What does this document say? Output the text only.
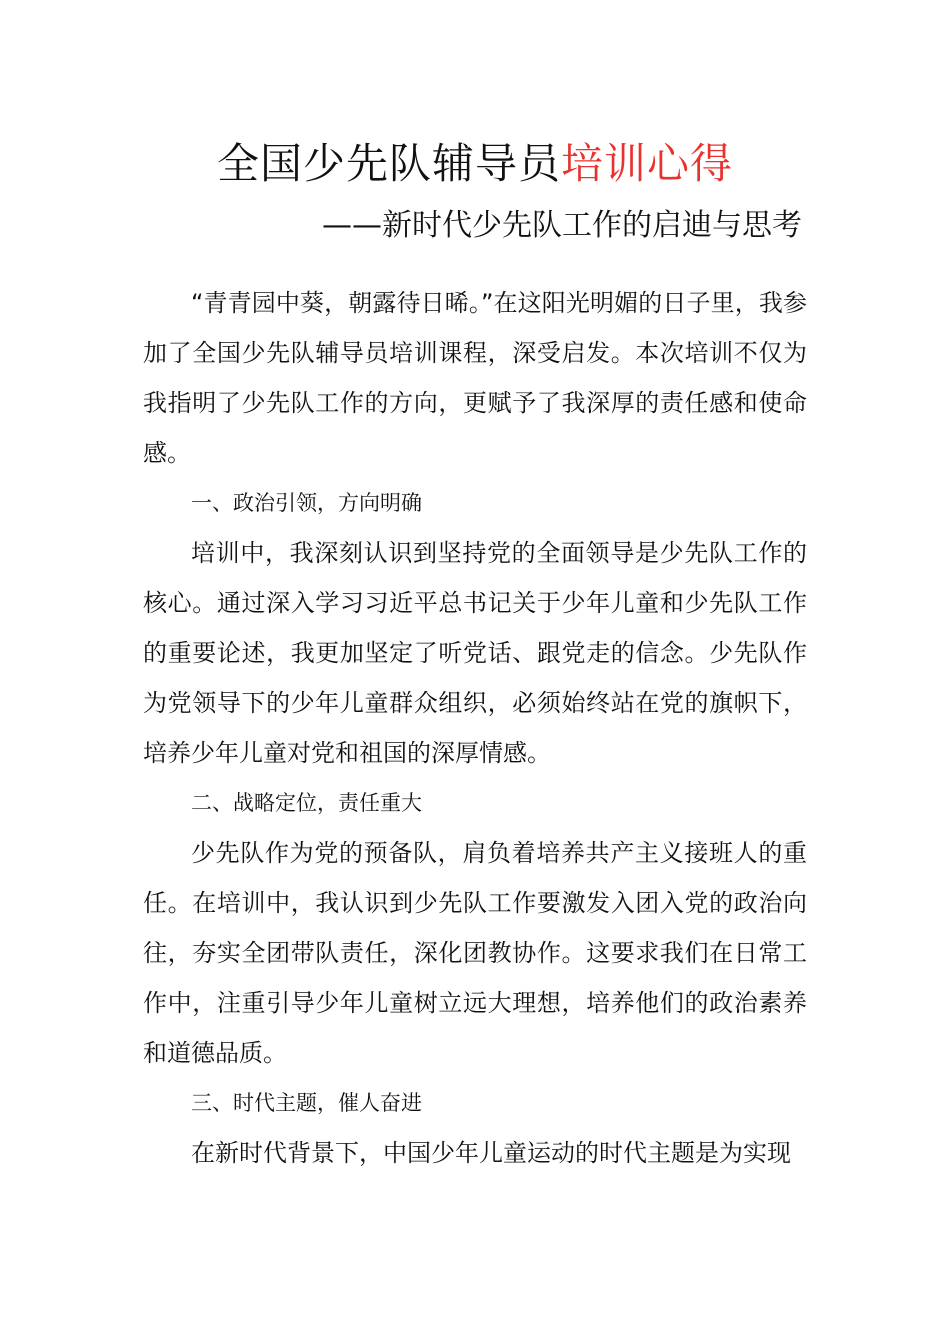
全国少先队辅导员培训心得
——新时代少先队工作的启迪与思考

“青青园中葵，朝露待日晞。”在这阳光明媚的日子里，我参加了全国少先队辅导员培训课程，深受启发。本次培训不仅为我指明了少先队工作的方向，更赋予了我深厚的责任感和使命感。

一、政治引领，方向明确

培训中，我深刻认识到坚持党的全面领导是少先队工作的核心。通过深入学习习近平总书记关于少年儿童和少先队工作的重要论述，我更加坚定了听党话、跟党走的信念。少先队作为党领导下的少年儿童群众组织，必须始终站在党的旗帜下，培养少年儿童对党和祖国的深厚情感。

二、战略定位，责任重大

少先队作为党的预备队，肩负着培养共产主义接班人的重任。在培训中，我认识到少先队工作要激发入团入党的政治向往，夯实全团带队责任，深化团教协作。这要求我们在日常工作中，注重引导少年儿童树立远大理想，培养他们的政治素养和道德品质。

三、时代主题，催人奋进

在新时代背景下，中国少年儿童运动的时代主题是为实现
